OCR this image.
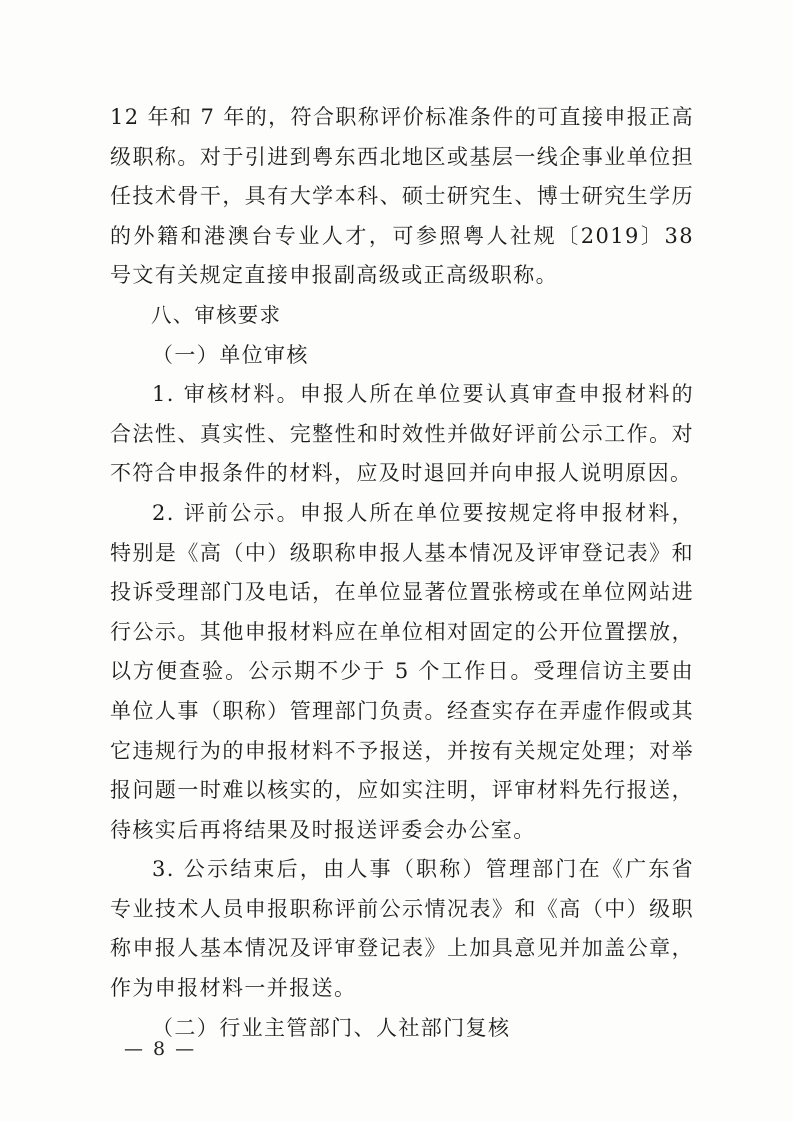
12 年和 7 年的，符合职称评价标准条件的可直接申报正高级职称。对于引进到粤东西北地区或基层一线企事业单位担任技术骨干，具有大学本科、硕士研究生、博士研究生学历的外籍和港澳台专业人才，可参照粤人社规〔2019〕38 号文有关规定直接申报副高级或正高级职称。

八、审核要求

（一）单位审核

1. 审核材料。申报人所在单位要认真审查申报材料的合法性、真实性、完整性和时效性并做好评前公示工作。对不符合申报条件的材料，应及时退回并向申报人说明原因。

2. 评前公示。申报人所在单位要按规定将申报材料，特别是《高（中）级职称申报人基本情况及评审登记表》和投诉受理部门及电话，在单位显著位置张榜或在单位网站进行公示。其他申报材料应在单位相对固定的公开位置摆放，以方便查验。公示期不少于 5 个工作日。受理信访主要由单位人事（职称）管理部门负责。经查实存在弄虚作假或其它违规行为的申报材料不予报送，并按有关规定处理；对举报问题一时难以核实的，应如实注明，评审材料先行报送，待核实后再将结果及时报送评委会办公室。

3. 公示结束后，由人事（职称）管理部门在《广东省专业技术人员申报职称评前公示情况表》和《高（中）级职称申报人基本情况及评审登记表》上加具意见并加盖公章，作为申报材料一并报送。

（二）行业主管部门、人社部门复核

— 8 —
